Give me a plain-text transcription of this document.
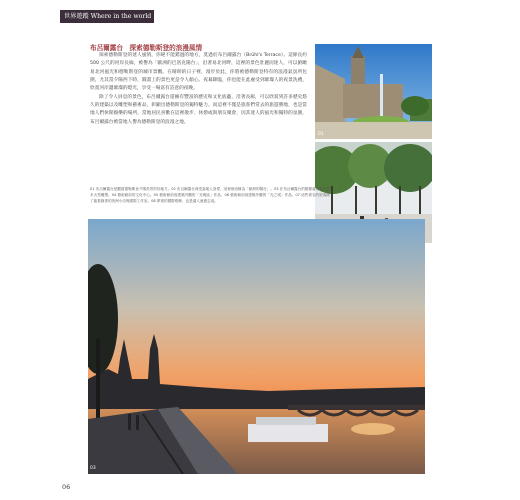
世界遊蹤 Where in the world
布呂爾露台　探索德勒斯登的浪漫風情

探索德勒斯登的迷人風情，你絕不能錯過的地方，莫過於布呂爾露台（Brühl's Terrace）。這條長約 500 公尺的河岸長廊，被譽為「歐洲的巴洛克陽台」，沿著易北河畔，這裡的景色壯麗而迷人，可以俯瞰易北河風光和德勒斯登的城市景觀。在晴朗的日子裡，漫步於此，你將被德勒斯登特有的浪漫氣氛所包圍，尤其當夕陽西下時，圓畫上的景色更是令人傾心。夜幕降臨，你也能在此處受到璀璨人的夜景洗禮，欣賞河岸邊璀璨的燈光，享受一場富有詩意的夜晚。

除了令人屏息的景色，布呂爾露台還擁有豐富的歷史和文化底蘊，沿著長廊，可以欣賞到許多歷史悠久的建築以及雕塑和藝術品，彰顯出德勒斯登的獨特魅力。而這裡不僅是旅客們常去的旅遊勝地，也是當地人們休閒娛樂的場所，當地居民喜歡在這裡散步、休憩或與朋友聚會，因其迷人的風光和獨特的氛圍，布呂爾露台被當地人譽為德勒斯登的浪漫之地。

01
01 布呂爾露台是觀賞德勒斯登夕陽美景的好地方。02 布呂爾露台深受當地人喜愛，這裡被這稱為「歐洲的陽台」。03 在布呂爾露台的階梯處常見有許多大型雕塑。04 藝術館前的文化中心。05 藝術館前庭建築外觀的「光明區」作品，06 藝術館前庭建築外觀的「光之城」作品。07 這些著名的旅客除了能看綠茶的美洲小店與國際工作室。08 夢境的國際燈飾，也是讓人流連忘返。
03
06
